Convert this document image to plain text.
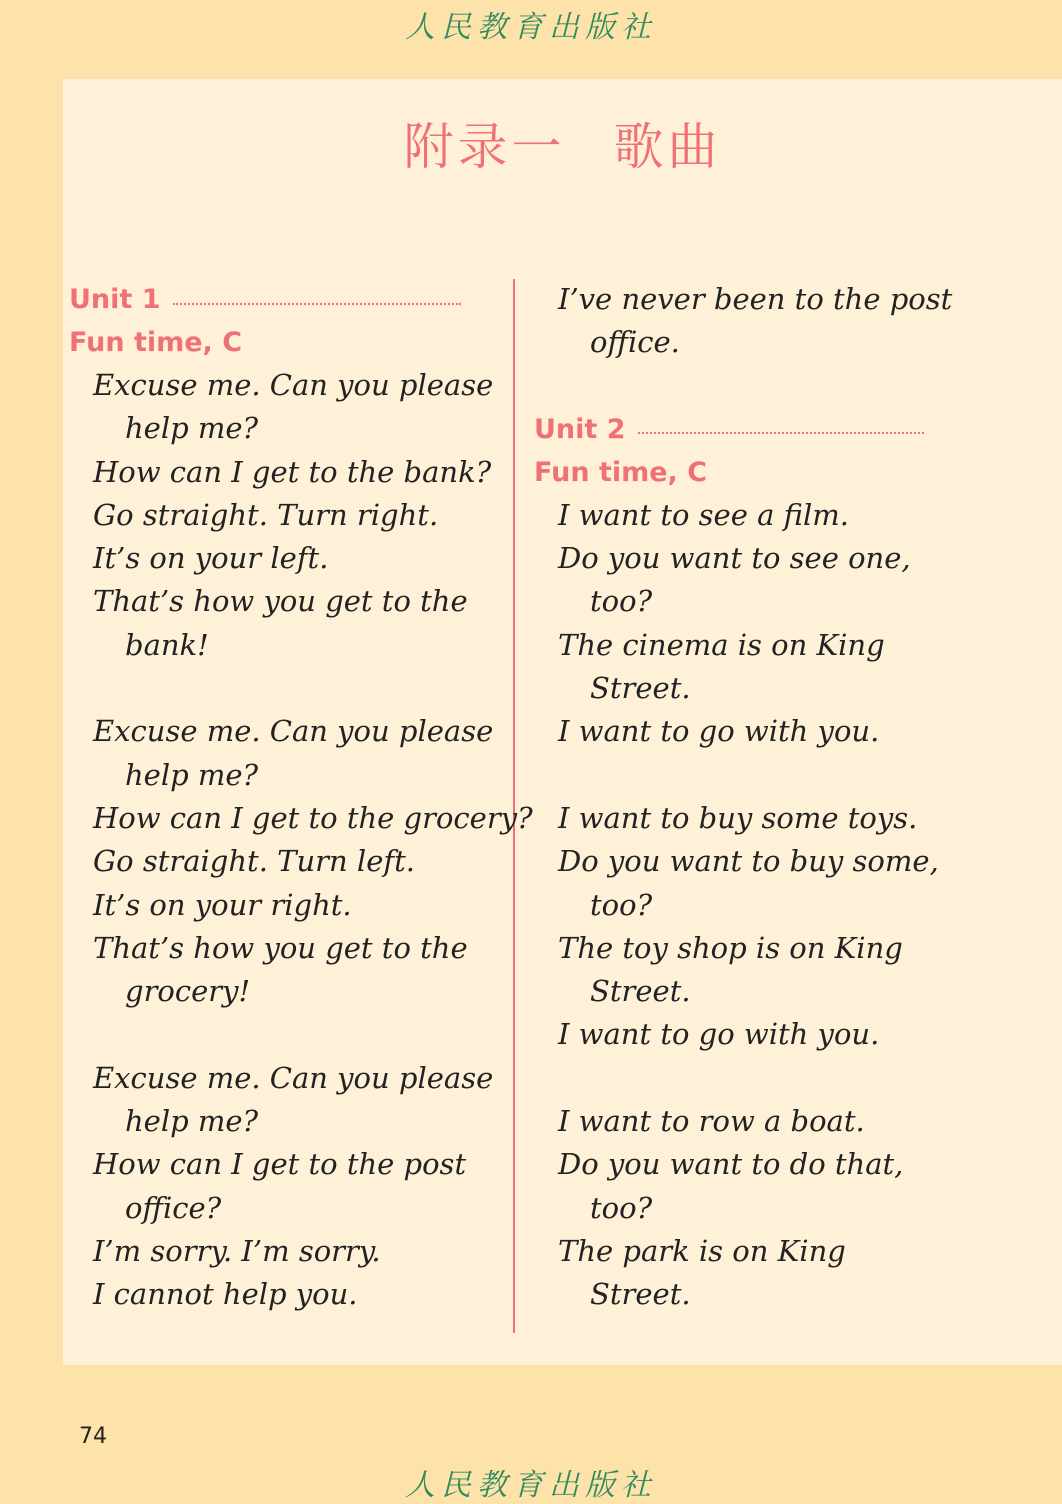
人民教育出版社
附录一 歌曲
Unit 1
Fun time, C
Excuse me. Can you please
help me?
How can I get to the bank?
Go straight. Turn right.
It’s on your left.
That’s how you get to the
bank!
Excuse me. Can you please
help me?
How can I get to the grocery?
Go straight. Turn left.
It’s on your right.
That’s how you get to the
grocery!
Excuse me. Can you please
help me?
How can I get to the post
office?
I’m sorry. I’m sorry.
I cannot help you.
I’ve never been to the post
office.
Unit 2
Fun time, C
I want to see a film.
Do you want to see one,
too?
The cinema is on King
Street.
I want to go with you.
I want to buy some toys.
Do you want to buy some,
too?
The toy shop is on King
Street.
I want to go with you.
I want to row a boat.
Do you want to do that,
too?
The park is on King
Street.
74
人民教育出版社
